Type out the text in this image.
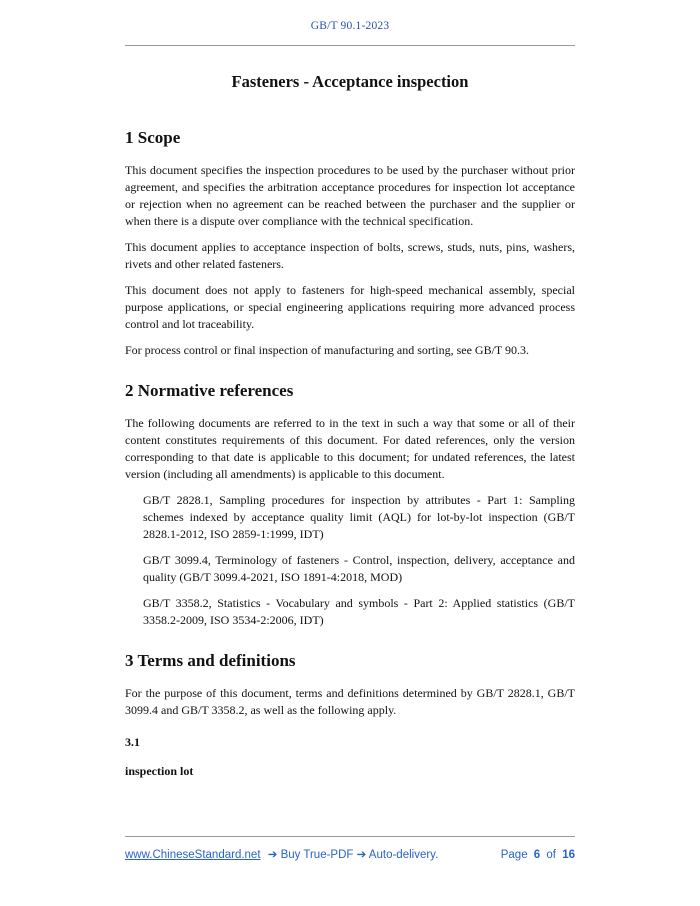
GB/T 90.1-2023
Fasteners - Acceptance inspection
1 Scope

This document specifies the inspection procedures to be used by the purchaser without prior agreement, and specifies the arbitration acceptance procedures for inspection lot acceptance or rejection when no agreement can be reached between the purchaser and the supplier or when there is a dispute over compliance with the technical specification.

This document applies to acceptance inspection of bolts, screws, studs, nuts, pins, washers, rivets and other related fasteners.

This document does not apply to fasteners for high-speed mechanical assembly, special purpose applications, or special engineering applications requiring more advanced process control and lot traceability.

For process control or final inspection of manufacturing and sorting, see GB/T 90.3.

2 Normative references

The following documents are referred to in the text in such a way that some or all of their content constitutes requirements of this document. For dated references, only the version corresponding to that date is applicable to this document; for undated references, the latest version (including all amendments) is applicable to this document.

GB/T 2828.1, Sampling procedures for inspection by attributes - Part 1: Sampling schemes indexed by acceptance quality limit (AQL) for lot-by-lot inspection (GB/T 2828.1-2012, ISO 2859-1:1999, IDT)

GB/T 3099.4, Terminology of fasteners - Control, inspection, delivery, acceptance and quality (GB/T 3099.4-2021, ISO 1891-4:2018, MOD)

GB/T 3358.2, Statistics - Vocabulary and symbols - Part 2: Applied statistics (GB/T 3358.2-2009, ISO 3534-2:2006, IDT)

3 Terms and definitions

For the purpose of this document, terms and definitions determined by GB/T 2828.1, GB/T 3099.4 and GB/T 3358.2, as well as the following apply.

3.1

inspection lot

www.ChineseStandard.net ➔ Buy True-PDF ➔ Auto-delivery.	Page 6 of 16
